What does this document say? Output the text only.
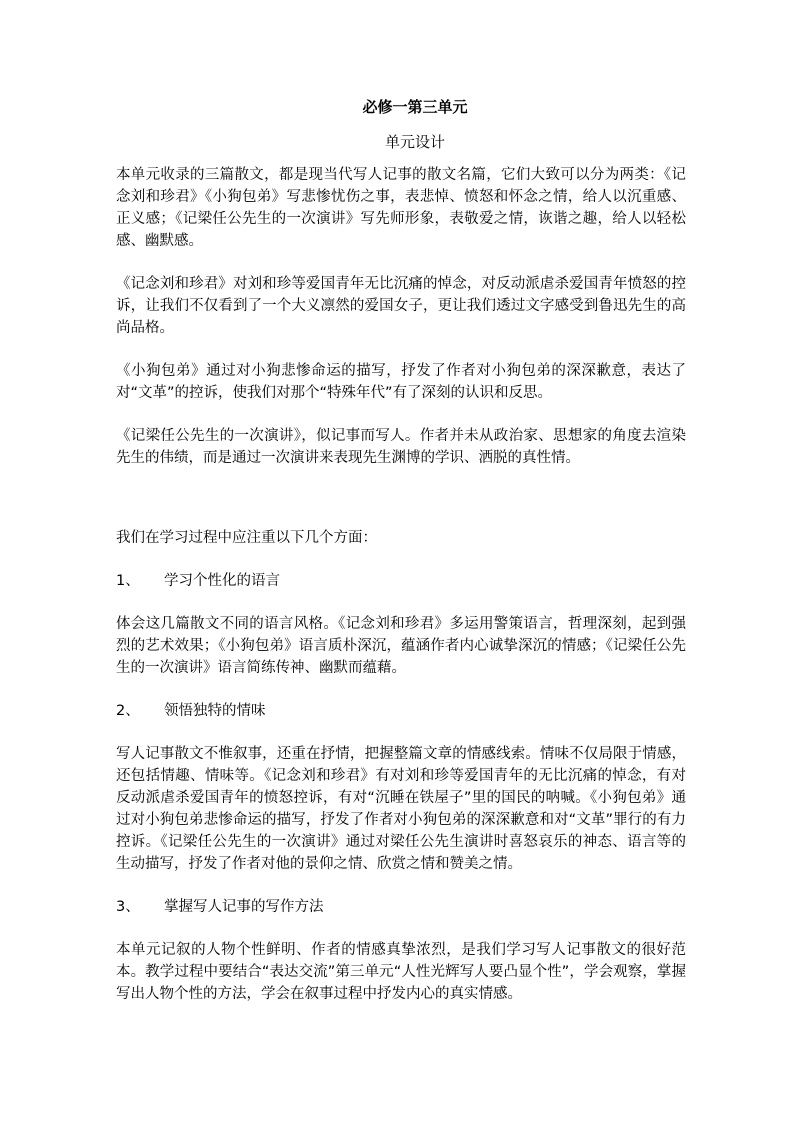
必修一第三单元
单元设计

本单元收录的三篇散文，都是现当代写人记事的散文名篇，它们大致可以分为两类：《记念刘和珍君》《小狗包弟》写悲惨忧伤之事，表悲悼、愤怒和怀念之情，给人以沉重感、正义感；《记梁任公先生的一次演讲》写先师形象，表敬爱之情，诙谐之趣，给人以轻松感、幽默感。

《记念刘和珍君》对刘和珍等爱国青年无比沉痛的悼念，对反动派虐杀爱国青年愤怒的控诉，让我们不仅看到了一个大义凛然的爱国女子，更让我们透过文字感受到鲁迅先生的高尚品格。

《小狗包弟》通过对小狗悲惨命运的描写，抒发了作者对小狗包弟的深深歉意，表达了对“文革”的控诉，使我们对那个“特殊年代”有了深刻的认识和反思。

《记梁任公先生的一次演讲》，似记事而写人。作者并未从政治家、思想家的角度去渲染先生的伟绩，而是通过一次演讲来表现先生渊博的学识、洒脱的真性情。

我们在学习过程中应注重以下几个方面：

1、 学习个性化的语言

体会这几篇散文不同的语言风格。《记念刘和珍君》多运用警策语言，哲理深刻，起到强烈的艺术效果；《小狗包弟》语言质朴深沉，蕴涵作者内心诚挚深沉的情感；《记梁任公先生的一次演讲》语言简练传神、幽默而蕴藉。

2、 领悟独特的情味

写人记事散文不惟叙事，还重在抒情，把握整篇文章的情感线索。情味不仅局限于情感，还包括情趣、情味等。《记念刘和珍君》有对刘和珍等爱国青年的无比沉痛的悼念，有对反动派虐杀爱国青年的愤怒控诉，有对“沉睡在铁屋子”里的国民的呐喊。《小狗包弟》通过对小狗包弟悲惨命运的描写，抒发了作者对小狗包弟的深深歉意和对“文革”罪行的有力控诉。《记梁任公先生的一次演讲》通过对梁任公先生演讲时喜怒哀乐的神态、语言等的生动描写，抒发了作者对他的景仰之情、欣赏之情和赞美之情。

3、 掌握写人记事的写作方法

本单元记叙的人物个性鲜明、作者的情感真挚浓烈，是我们学习写人记事散文的很好范本。教学过程中要结合“表达交流”第三单元“人性光辉写人要凸显个性”，学会观察，掌握写出人物个性的方法，学会在叙事过程中抒发内心的真实情感。
